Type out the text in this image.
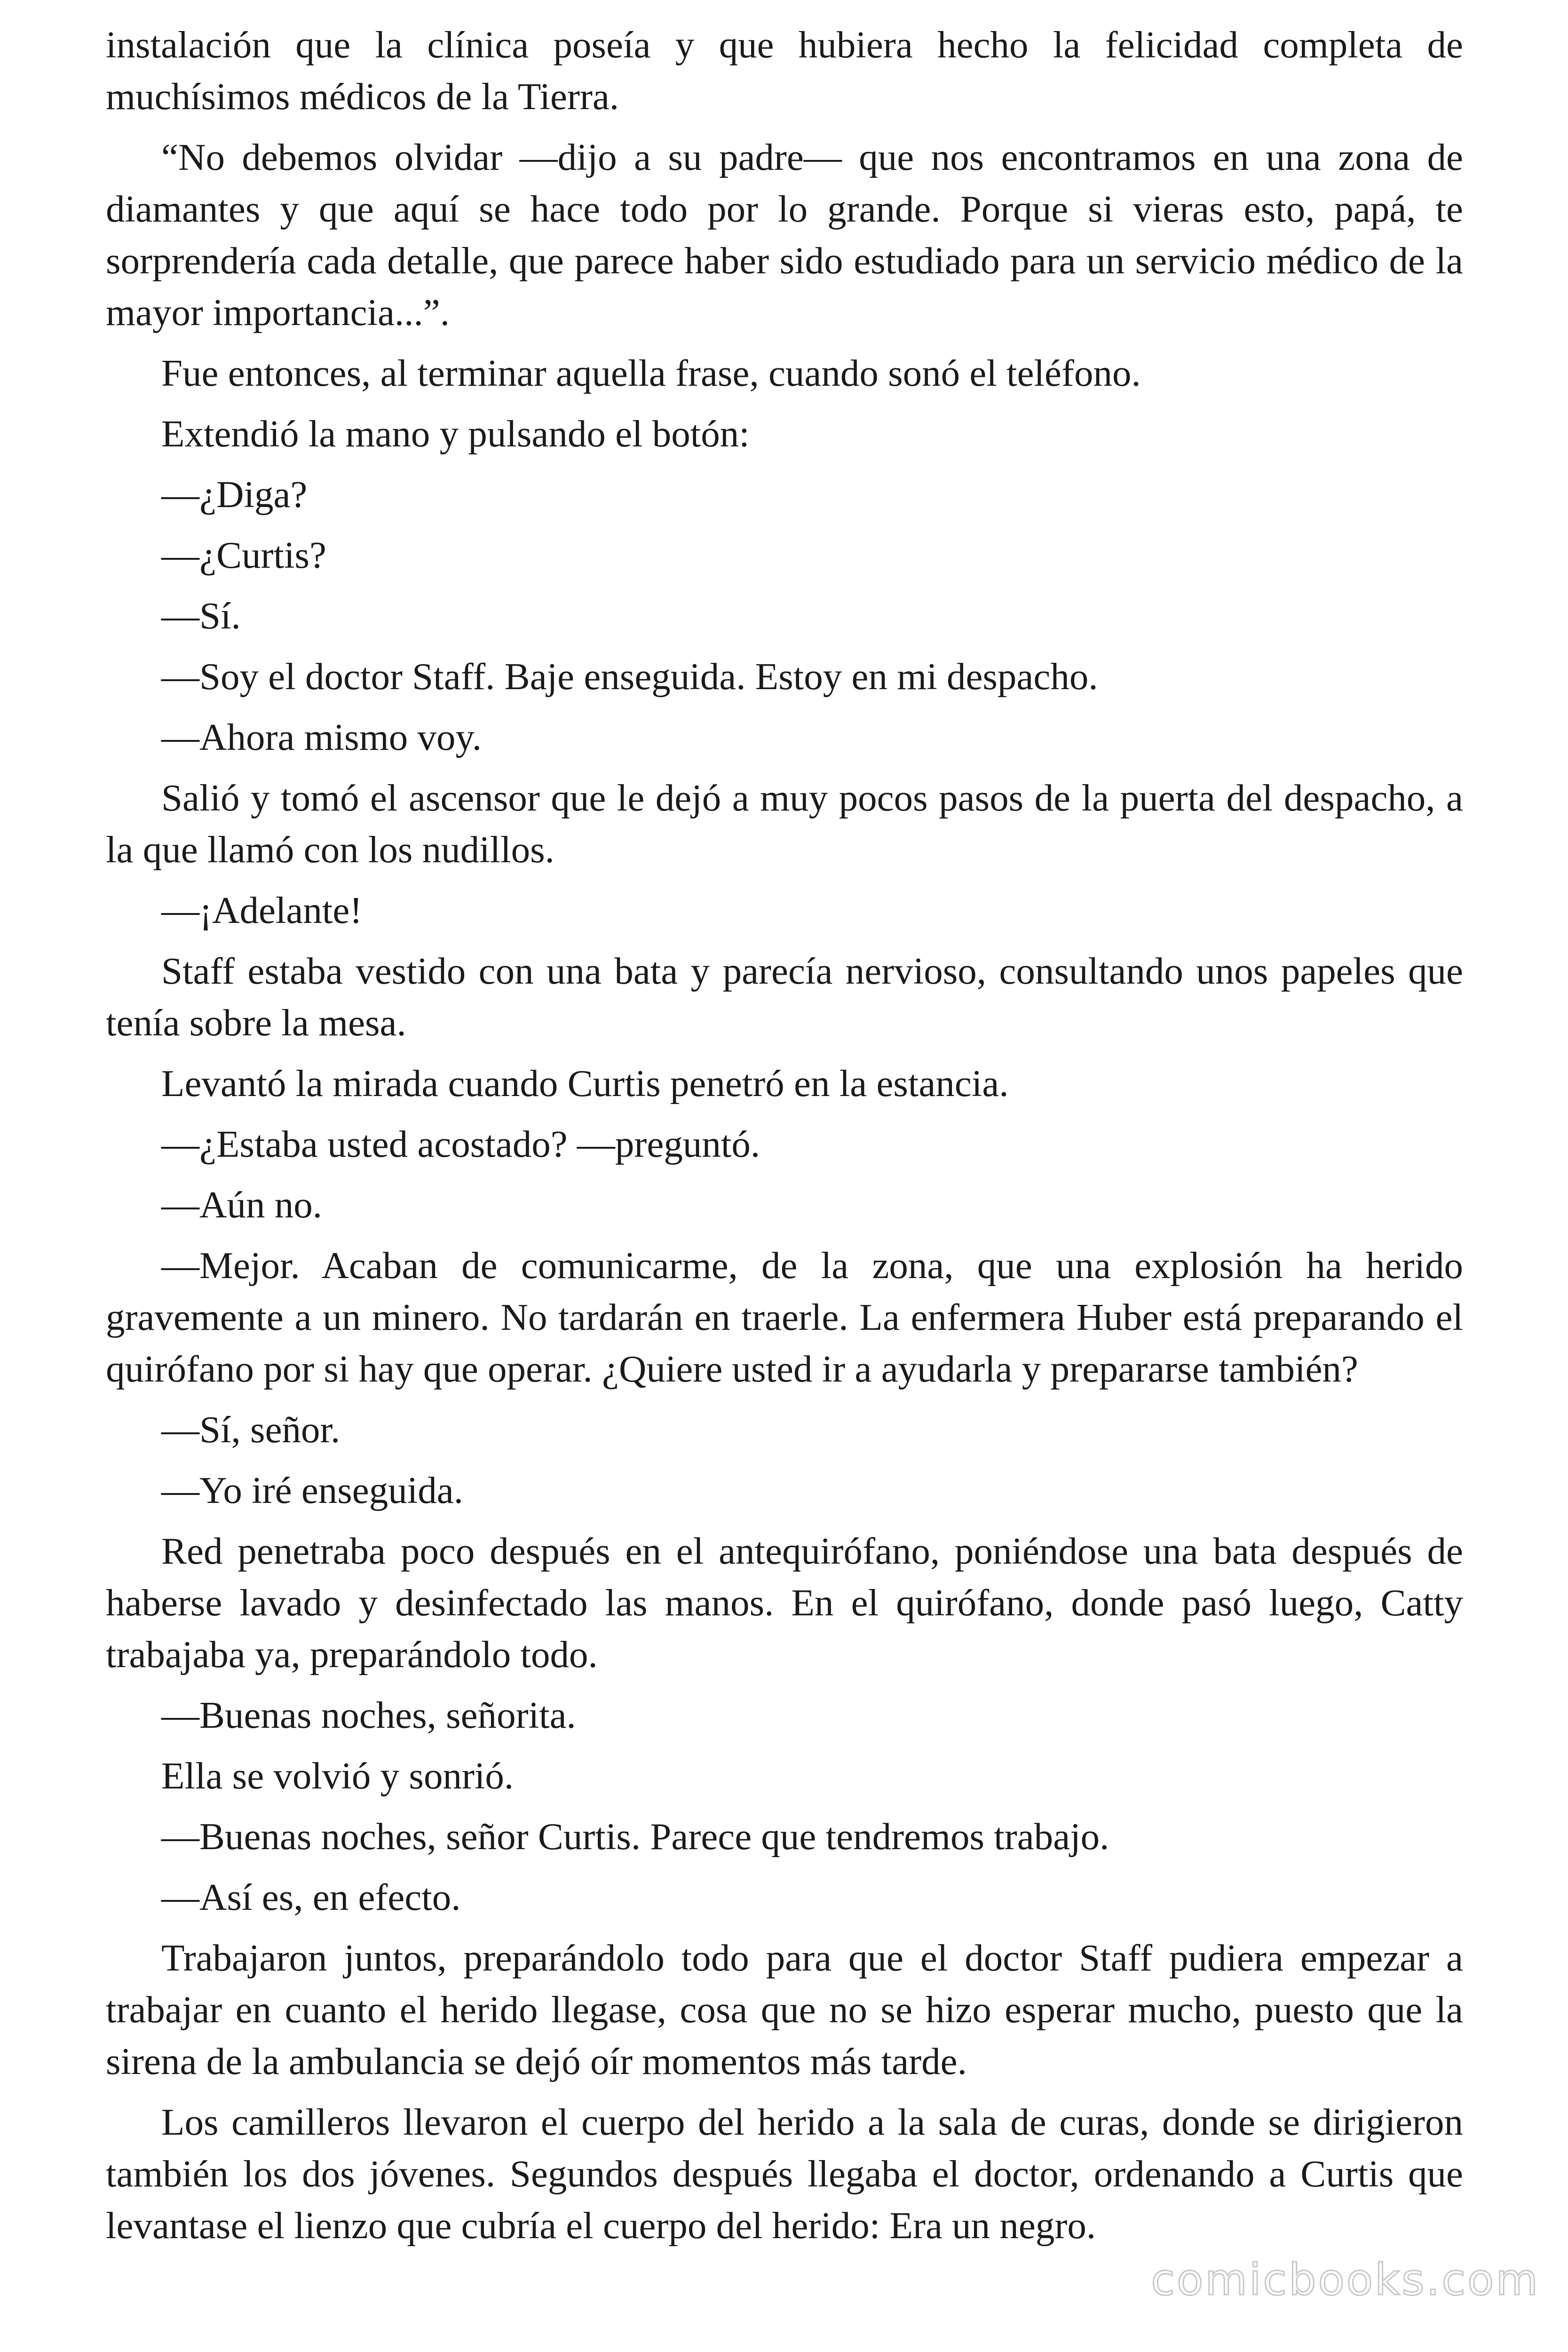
instalación que la clínica poseía y que hubiera hecho la felicidad completa de muchísimos médicos de la Tierra.

“No debemos olvidar —dijo a su padre— que nos encontramos en una zona de diamantes y que aquí se hace todo por lo grande. Porque si vieras esto, papá, te sorprendería cada detalle, que parece haber sido estudiado para un servicio médico de la mayor importancia...”.

Fue entonces, al terminar aquella frase, cuando sonó el teléfono.

Extendió la mano y pulsando el botón:

—¿Diga?

—¿Curtis?

—Sí.

—Soy el doctor Staff. Baje enseguida. Estoy en mi despacho.

—Ahora mismo voy.

Salió y tomó el ascensor que le dejó a muy pocos pasos de la puerta del despacho, a la que llamó con los nudillos.

—¡Adelante!

Staff estaba vestido con una bata y parecía nervioso, consultando unos papeles que tenía sobre la mesa.

Levantó la mirada cuando Curtis penetró en la estancia.

—¿Estaba usted acostado? —preguntó.

—Aún no.

—Mejor. Acaban de comunicarme, de la zona, que una explosión ha herido gravemente a un minero. No tardarán en traerle. La enfermera Huber está preparando el quirófano por si hay que operar. ¿Quiere usted ir a ayudarla y prepararse también?

—Sí, señor.

—Yo iré enseguida.

Red penetraba poco después en el antequirófano, poniéndose una bata después de haberse lavado y desinfectado las manos. En el quirófano, donde pasó luego, Catty trabajaba ya, preparándolo todo.

—Buenas noches, señorita.

Ella se volvió y sonrió.

—Buenas noches, señor Curtis. Parece que tendremos trabajo.

—Así es, en efecto.

Trabajaron juntos, preparándolo todo para que el doctor Staff pudiera empezar a trabajar en cuanto el herido llegase, cosa que no se hizo esperar mucho, puesto que la sirena de la ambulancia se dejó oír momentos más tarde.

Los camilleros llevaron el cuerpo del herido a la sala de curas, donde se dirigieron también los dos jóvenes. Segundos después llegaba el doctor, ordenando a Curtis que levantase el lienzo que cubría el cuerpo del herido: Era un negro.

comicbooks.com
